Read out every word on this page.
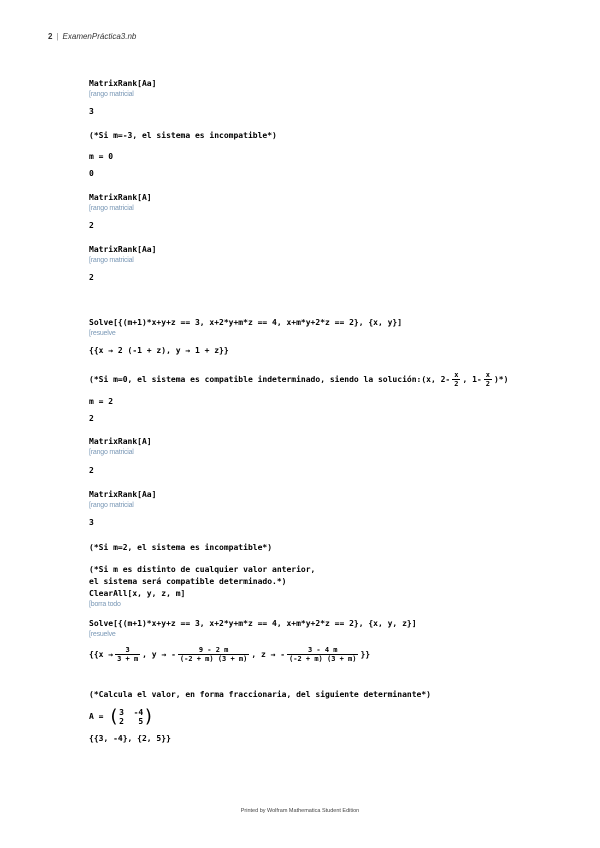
2 | ExamenPráctica3.nb
MatrixRank[Aa]
[rango matricial
3
(*Si m=-3, el sistema es incompatible*)
m = 0
0
MatrixRank[A]
[rango matricial
2
MatrixRank[Aa]
[rango matricial
2
Solve[{(m+1)*x+y+z == 3, x+2*y+m*z == 4, x+m*y+2*z == 2}, {x, y}]
[resuelve
{{x → 2 (-1 + z), y → 1 + z}}
(*Si m=0, el sistema es compatible indeterminado, siendo la solución:(x, $2- \frac{x}{2}$ , $1- \frac{x}{2}$ )*)
m = 2
2
MatrixRank[A]
[rango matricial
2
MatrixRank[Aa]
[rango matricial
3
(*Si m=2, el sistema es incompatible*)
(*Si m es distinto de cualquier valor anterior,
el sistema será compatible determinado.*)
ClearAll[x, y, z, m]
[borra todo
Solve[{(m+1)*x+y+z == 3, x+2*y+m*z == 4, x+m*y+2*z == 2}, {x, y, z}]
[resuelve
{{$x \to \frac{3}{3 + m}$ , y → - $\frac{9 - 2 m}{(-2 + m) (3 + m)}$ , z → - $\frac{3 - 4 m}{(-2 + m) (3 + m)}$ }}
(*Calcula el valor, en forma fraccionaria, del siguiente determinante*)
A = ( 3  -4
2   5 )
{{3, -4}, {2, 5}}
Printed by Wolfram Mathematica Student Edition
